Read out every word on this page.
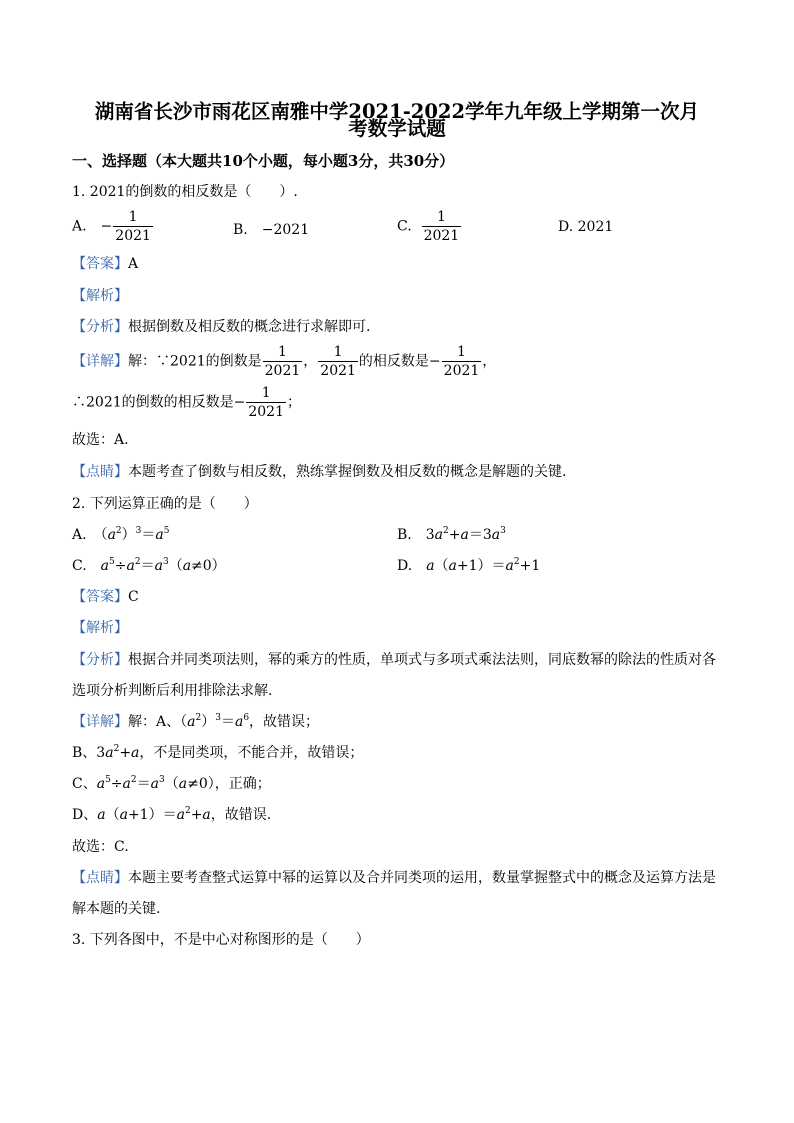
湖南省长沙市雨花区南雅中学2021-2022学年九年级上学期第一次月
考数学试题
一、选择题（本大题共10个小题，每小题3分，共30分）
1. 2021的倒数的相反数是（　　）.
A.　− $\frac{1}{2021}$	B.　−2021	C. $\frac{1}{2021}$	D. 2021
【答案】A
【解析】
【分析】根据倒数及相反数的概念进行求解即可.
【详解】解：∵2021的倒数是 $\frac{1}{2021}$ ， $\frac{1}{2021}$ 的相反数是− $\frac{1}{2021}$ ，
∴2021的倒数的相反数是− $\frac{1}{2021}$ ；
故选：A.
【点睛】本题考查了倒数与相反数，熟练掌握倒数及相反数的概念是解题的关键.
2. 下列运算正确的是（　　）
A.　$(a^2)^3=a^5$	B.　$3a^2+a=3a^3$
C.　$a^5\div a^2=a^3(a\ne 0)$	D.　$a(a+1)=a^2+1$
【答案】C
【解析】
【分析】根据合并同类项法则，幂的乘方的性质，单项式与多项式乘法法则，同底数幂的除法的性质对各
选项分析判断后利用排除法求解.
【详解】解：A、$(a^2)^3=a^6$，故错误；
B、$3a^2+a$，不是同类项，不能合并，故错误；
C、$a^5\div a^2=a^3(a\ne 0)$，正确；
D、$a(a+1)=a^2+a$，故错误.
故选：C.
【点睛】本题主要考查整式运算中幂的运算以及合并同类项的运用，数量掌握整式中的概念及运算方法是
解本题的关键.
3. 下列各图中，不是中心对称图形的是（　　）
